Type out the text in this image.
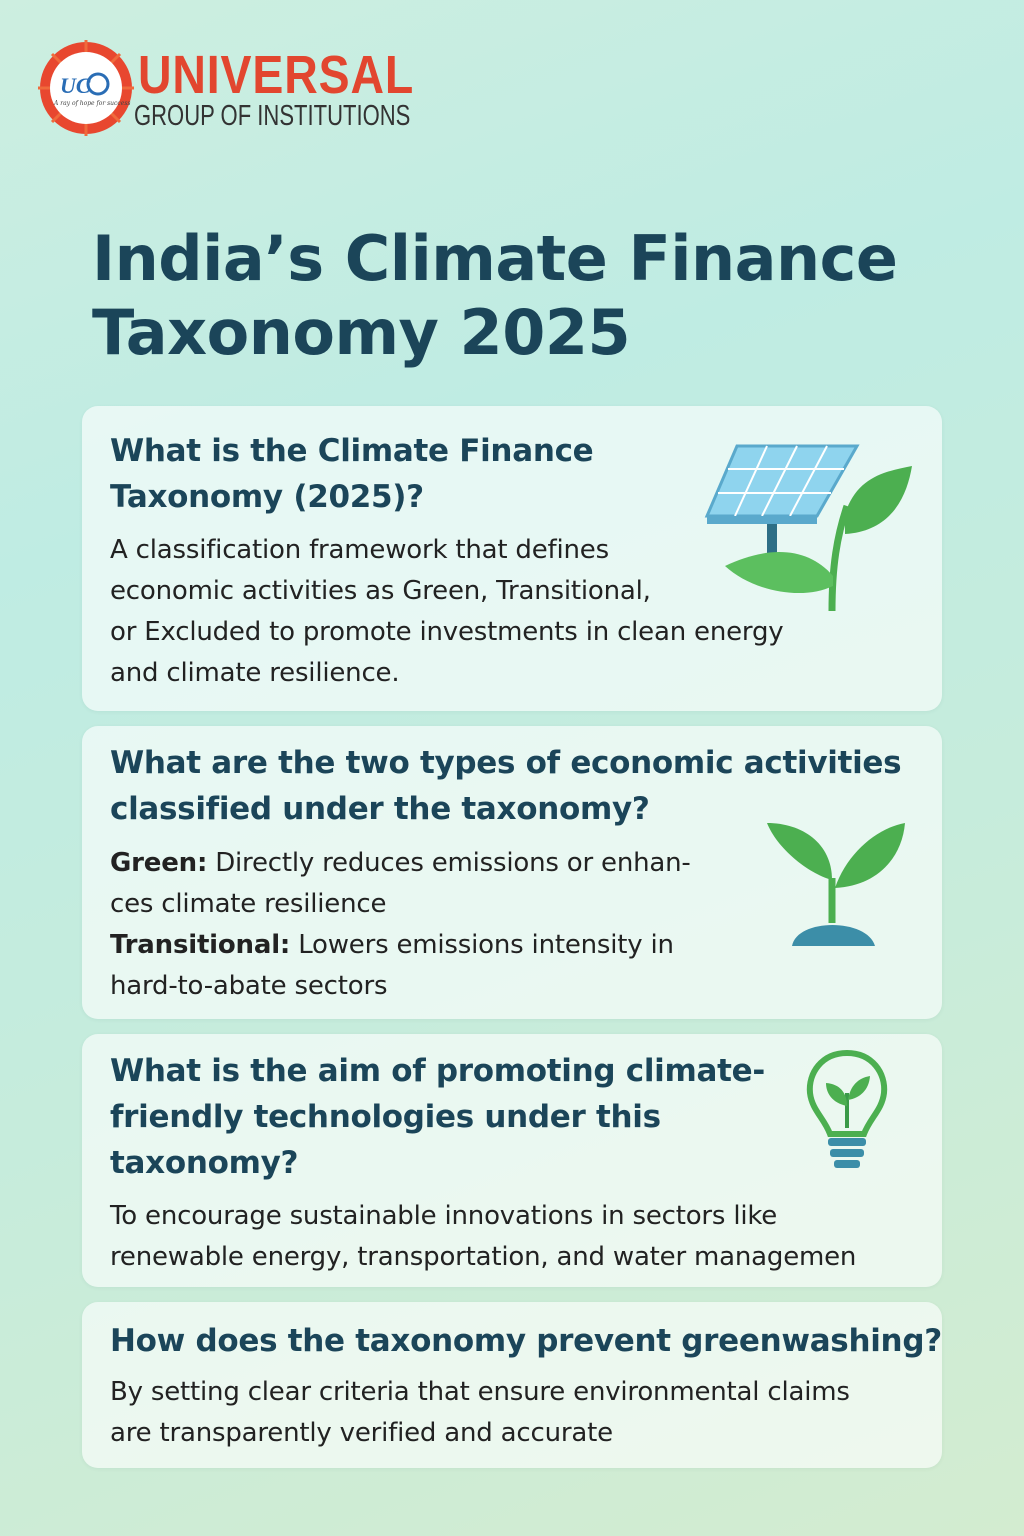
UC
A ray of hope for success UNIVERSAL
GROUP OF INSTITUTIONS
India’s Climate Finance
Taxonomy 2025

What is the Climate Finance
Taxonomy (2025)?

A classification framework that defines
economic activities as Green, Transitional,
or Excluded to promote investments in clean energy
and climate resilience.

What are the two types of economic activities
classified under the taxonomy?

Green: Directly reduces emissions or enhan-
ces climate resilience
Transitional: Lowers emissions intensity in
hard-to-abate sectors

What is the aim of promoting climate-
friendly technologies under this
taxonomy?

To encourage sustainable innovations in sectors like
renewable energy, transportation, and water managemen

How does the taxonomy prevent greenwashing?

By setting clear criteria that ensure environmental claims
are transparently verified and accurate
